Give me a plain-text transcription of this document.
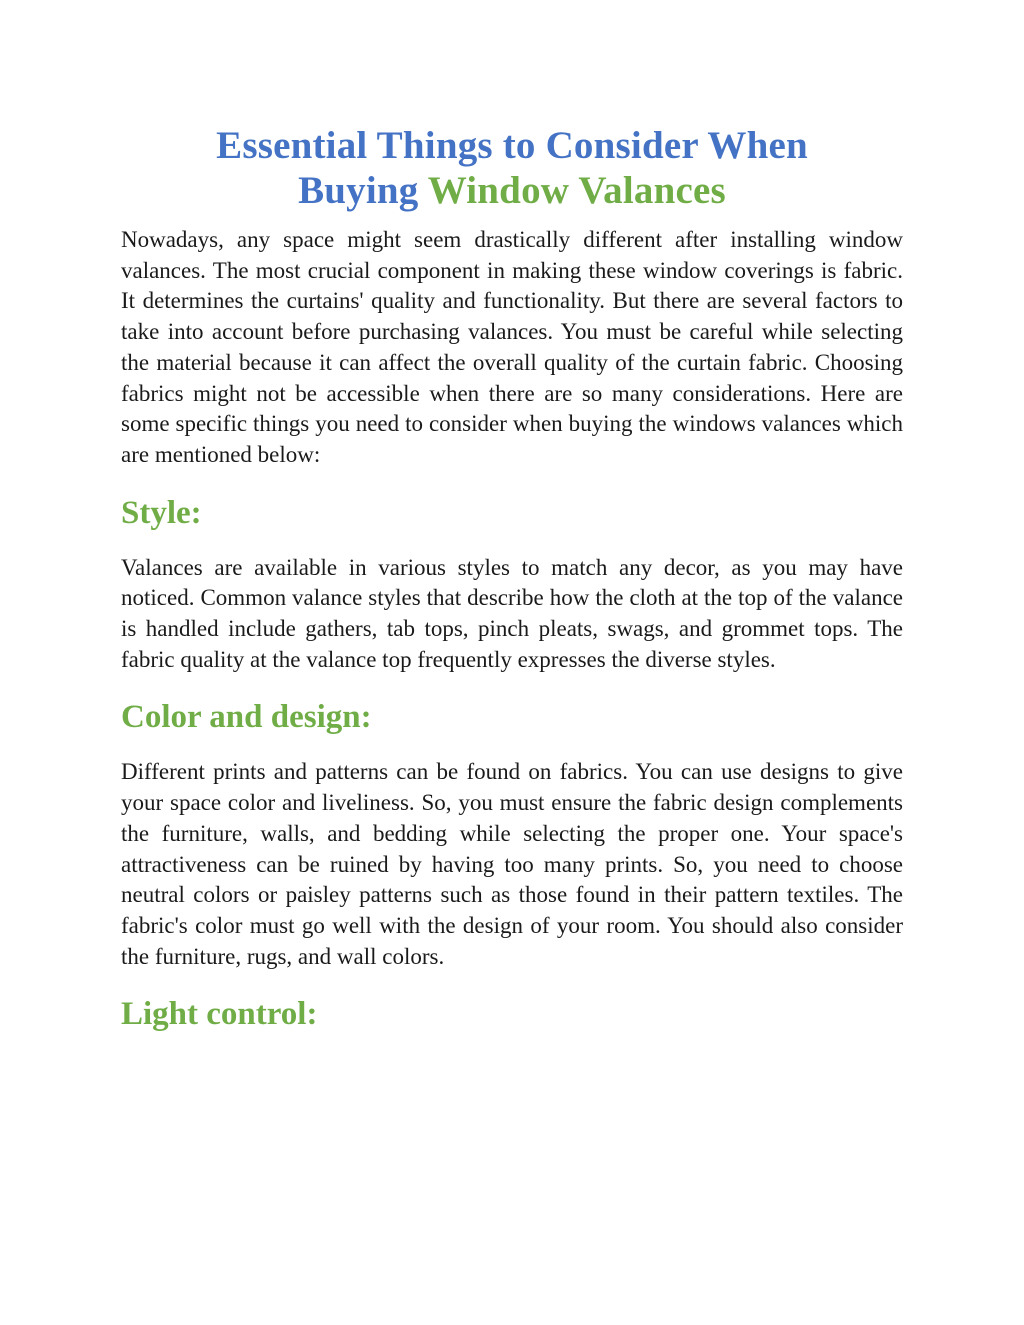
Essential Things to Consider When
Buying Window Valances

Nowadays, any space might seem drastically different after installing window valances. The most crucial component in making these window coverings is fabric. It determines the curtains' quality and functionality. But there are several factors to take into account before purchasing valances. You must be careful while selecting the material because it can affect the overall quality of the curtain fabric. Choosing fabrics might not be accessible when there are so many considerations. Here are some specific things you need to consider when buying the windows valances which are mentioned below:

Style:

Valances are available in various styles to match any decor, as you may have noticed. Common valance styles that describe how the cloth at the top of the valance is handled include gathers, tab tops, pinch pleats, swags, and grommet tops. The fabric quality at the valance top frequently expresses the diverse styles.

Color and design:

Different prints and patterns can be found on fabrics. You can use designs to give your space color and liveliness. So, you must ensure the fabric design complements the furniture, walls, and bedding while selecting the proper one. Your space's attractiveness can be ruined by having too many prints. So, you need to choose neutral colors or paisley patterns such as those found in their pattern textiles. The fabric's color must go well with the design of your room. You should also consider the furniture, rugs, and wall colors.

Light control:
